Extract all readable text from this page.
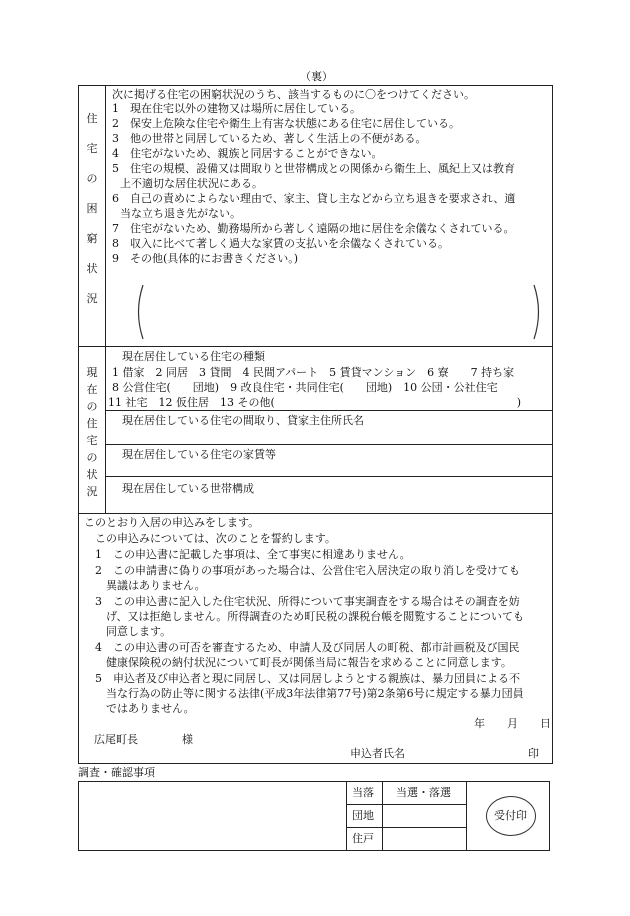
（裏）
住
宅
の
困
窮
状
況
次に掲げる住宅の困窮状況のうち、該当するものに〇をつけてください。
1　現在住宅以外の建物又は場所に居住している。
2　保安上危険な住宅や衛生上有害な状態にある住宅に居住している。
3　他の世帯と同居しているため、著しく生活上の不便がある。
4　住宅がないため、親族と同居することができない。
5　住宅の規模、設備又は間取りと世帯構成との関係から衛生上、風紀上又は教育
上不適切な居住状況にある。
6　自己の責めによらない理由で、家主、貸し主などから立ち退きを要求され、適
当な立ち退き先がない。
7　住宅がないため、勤務場所から著しく遠隔の地に居住を余儀なくされている。
8　収入に比べて著しく過大な家賃の支払いを余儀なくされている。
9　その他(具体的にお書きください。)
現
在
の
住
宅
の
状
況
現在居住している住宅の種類
1 借家　2 同居　3 貸間　4 民間アパート　5 賃貸マンション　6 寮　　7 持ち家
8 公営住宅(　　団地)　9 改良住宅・共同住宅(　　団地)　10 公団・公社住宅
11 社宅　12 仮住居　13 その他(　　　　　　　　　　　　　　　　　　　　　　)
現在居住している住宅の間取り、貸家主住所氏名
現在居住している住宅の家賃等
現在居住している世帯構成
このとおり入居の申込みをします。
　この申込みについては、次のことを誓約します。
　1　この申込書に記載した事項は、全て事実に相違ありません。
　2　この申請書に偽りの事項があった場合は、公営住宅入居決定の取り消しを受けても
　　異議はありません。
　3　この申込書に記入した住宅状況、所得について事実調査をする場合はその調査を妨
　　げ、又は拒絶しません。所得調査のため町民税の課税台帳を閲覧することについても
　　同意します。
　4　この申込書の可否を審査するため、申請人及び同居人の町税、都市計画税及び国民
　　健康保険税の納付状況について町長が関係当局に報告を求めることに同意します。
　5　申込者及び申込者と現に同居し、又は同居しようとする親族は、暴力団員による不
　　当な行為の防止等に関する法律(平成3年法律第77号)第2条第6号に規定する暴力団員
　　ではありません。
年　　月　　日
広尾町長　　　　様
申込者氏名	印
調査・確認事項
当落 当選・落選
団地
住戸
受付印
